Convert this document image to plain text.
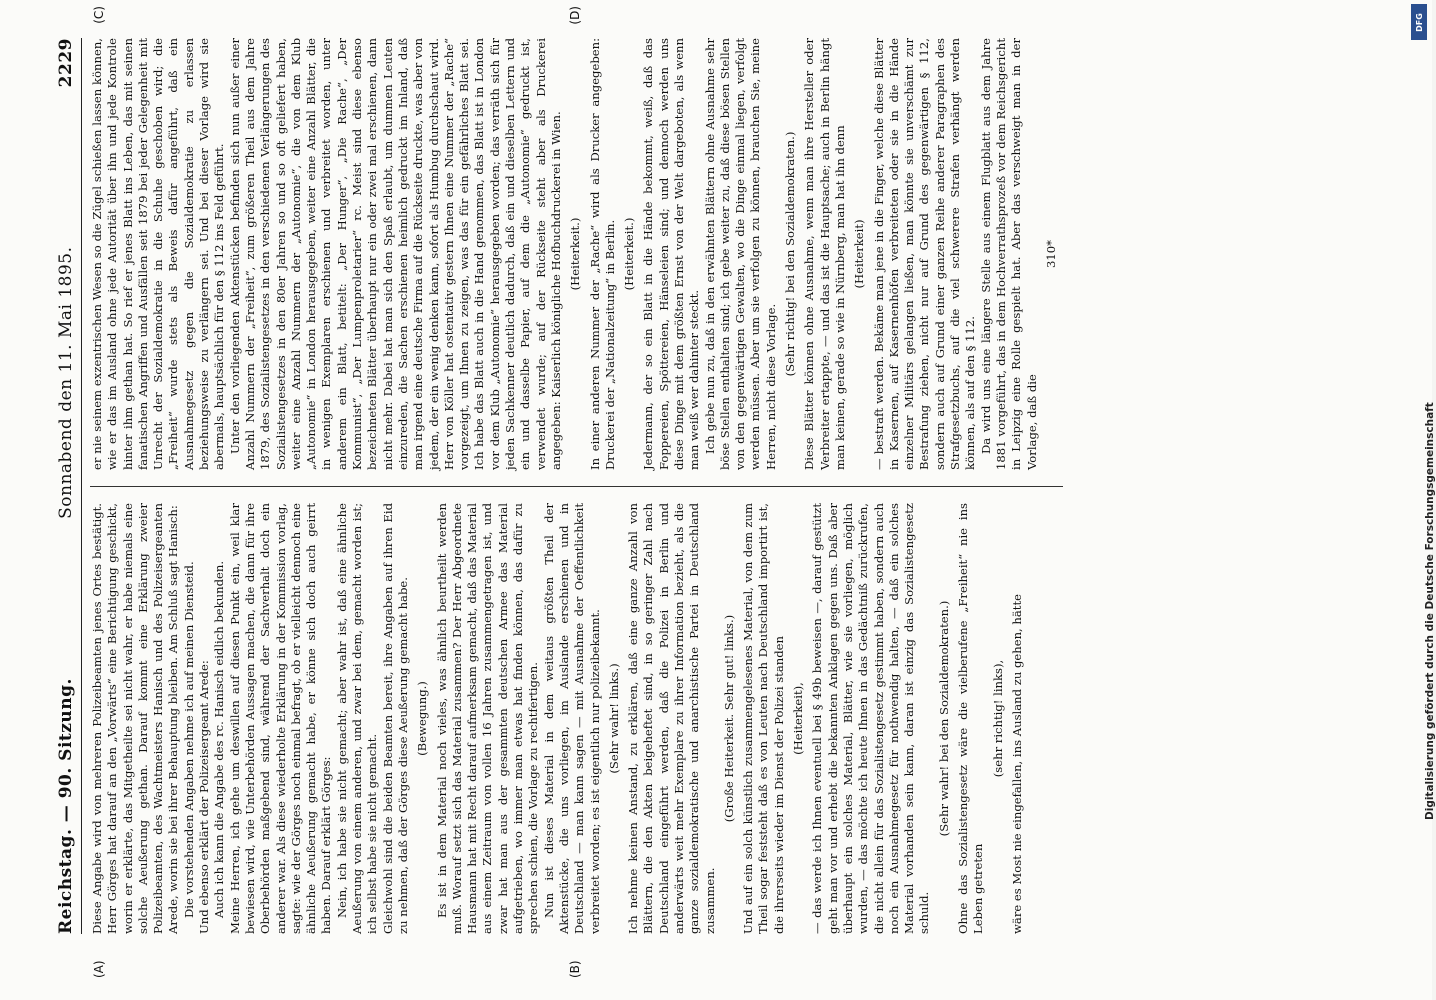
Reichstag. — 90. Sitzung.
Sonnabend den 11. Mai 1895.
2229
(A)	(B)
(C)	(D)

Diese Angabe wird von mehreren Polizeibeamten jenes Ortes bestätigt. Herr Görges hat darauf an den „Vorwärts“ eine Berichtigung geschickt, worin er erklärte, das Mitgetheilte sei nicht wahr, er habe niemals eine solche Aeußerung gethan. Darauf kommt eine Erklärung zweier Polizeibeamten, des Wachtmeisters Hanisch und des Polizeisergeanten Arede, worin sie bei ihrer Behauptung bleiben. Am Schluß sagt Hanisch: Die vorstehenden Angaben nehme ich auf meinen Diensteid. Und ebenso erklärt der Polizeisergeant Arede: Auch ich kann die Angabe des rc. Hanisch eidlich bekunden. Meine Herren, ich gehe um deswillen auf diesen Punkt ein, weil klar bewiesen wird, wie Unterbehörden Aussagen machen, die dann für ihre Oberbehörden maßgebend sind, während der Sachverhalt doch ein anderer war. Als diese wiederholte Erklärung in der Kommission vorlag, sagte: wie der Görges noch einmal befragt, ob er vielleicht dennoch eine ähnliche Aeußerung gemacht habe, er könne sich doch auch geirrt haben. Darauf erklärt Görges: Nein, ich habe sie nicht gemacht; aber wahr ist, daß eine ähnliche Aeußerung von einem anderen, und zwar bei dem, gemacht worden ist; ich selbst habe sie nicht gemacht. Gleichwohl sind die beiden Beamten bereit, ihre Angaben auf ihren Eid zu nehmen, daß der Görges diese Aeußerung gemacht habe. (Bewegung.) Es ist in dem Material noch vieles, was ähnlich beurtheilt werden muß. Worauf setzt sich das Material zusammen? Der Herr Abgeordnete Hausmann hat mit Recht darauf aufmerksam gemacht, daß das Material aus einem Zeitraum von vollen 16 Jahren zusammengetragen ist, und zwar hat man aus der gesammten deutschen Armee das Material aufgetrieben, wo immer man etwas hat finden können, das dafür zu sprechen schien, die Vorlage zu rechtfertigen. Nun ist dieses Material in dem weitaus größten Theil der Aktenstücke, die uns vorliegen, im Auslande erschienen und in Deutschland — man kann sagen — mit Ausnahme der Oeffentlichkeit verbreitet worden; es ist eigentlich nur polizeibekannt. (Sehr wahr! links.) Ich nehme keinen Anstand, zu erklären, daß eine ganze Anzahl von Blättern, die den Akten beigeheftet sind, in so geringer Zahl nach Deutschland eingeführt werden, daß die Polizei in Berlin und anderwärts weit mehr Exemplare zu ihrer Information bezieht, als die ganze sozialdemokratische und anarchistische Partei in Deutschland zusammen.

(Große Heiterkeit. Sehr gut! links.) Und auf ein solch künstlich zusammengelesenes Material, von dem zum Theil sogar feststeht daß es von Leuten nach Deutschland importirt ist, die ihrerseits wieder im Dienst der Polizei standen (Heiterkeit), — das werde ich Ihnen eventuell bei § 49b beweisen —, darauf gestützt geht man vor und erhebt die bekannten Anklagen gegen uns. Daß aber überhaupt ein solches Material, Blätter, wie sie vorliegen, möglich wurden, — das möchte ich heute Ihnen in das Gedächtniß zurückrufen, die nicht allein für das Sozialistengesetz gestimmt haben, sondern auch noch ein Ausnahmegesetz für nothwendig halten, — daß ein solches Material vorhanden sein kann, daran ist einzig das Sozialistengesetz schuld.

(Sehr wahr! bei den Sozialdemokraten.) Ohne das Sozialistengesetz wäre die vielberufene „Freiheit“ nie ins Leben getreten

(sehr richtig! links), wäre es Most nie eingefallen, ins Ausland zu gehen, hätte

er nie seinem exzentrischen Wesen so die Zügel schießen lassen können, wie er das im Ausland ohne jede Autorität über ihn und jede Kontrole hinter ihm gethan hat. So rief er jenes Blatt ins Leben, das mit seinen fanatischen Angriffen und Ausfällen seit 1879 bei jeder Gelegenheit mit Unrecht der Sozialdemokratie in die Schuhe geschoben wird; die „Freiheit“ wurde stets als Beweis dafür angeführt, daß ein Ausnahmegesetz gegen die Sozialdemokratie zu erlassen beziehungsweise zu verlängern sei. Und bei dieser Vorlage wird sie abermals, hauptsächlich für den § 112 ins Feld geführt. Unter den vorliegenden Aktenstücken befinden sich nun außer einer Anzahl Nummern der „Freiheit“, zum größeren Theil aus dem Jahre 1879, des Sozialistengesetzes in den verschiedenen Verlängerungen des Sozialistengesetzes in den 80er Jahren so und so oft geliefert haben, weiter eine Anzahl Nummern der „Autonomie“, die von dem Klub „Autonomie“ in London herausgegeben, weiter eine Anzahl Blätter, die in wenigen Exemplaren erschienen und verbreitet worden, unter anderem ein Blatt, betitelt: „Der Hunger“, „Die Rache“, „Der Kommunist“, „Der Lumpenproletarier“ rc. Meist sind diese ebenso bezeichneten Blätter überhaupt nur ein oder zwei mal erschienen, dann nicht mehr. Dabei hat man sich den Spaß erlaubt, um dummen Leuten einzureden, die Sachen erschienen heimlich gedruckt im Inland, daß man irgend eine deutsche Firma auf die Rückseite druckte, was aber von jedem, der ein wenig denken kann, sofort als Humbug durchschaut wird. Herr von Köller hat ostentativ gestern Ihnen eine Nummer der „Rache“ vorgezeigt, um Ihnen zu zeigen, was das für ein gefährliches Blatt sei. Ich habe das Blatt auch in die Hand genommen, das Blatt ist in London vor dem Klub „Autonomie“ herausgegeben worden; das verräth sich für jeden Sachkenner deutlich dadurch, daß ein und dieselben Lettern und ein und dasselbe Papier, auf dem die „Autonomie“ gedruckt ist, verwendet wurde; auf der Rückseite steht aber als Druckerei angegeben: Kaiserlich königliche Hofbuchdruckerei in Wien. (Heiterkeit.) In einer anderen Nummer der „Rache“ wird als Drucker angegeben: Druckerei der „Nationalzeitung“ in Berlin. (Heiterkeit.) Jedermann, der so ein Blatt in die Hände bekommt, weiß, daß das Foppereien, Spöttereien, Hänseleien sind; und dennoch werden uns diese Dinge mit dem größten Ernst von der Welt dargeboten, als wenn man weiß wer dahinter steckt. Ich gebe nun zu, daß in den erwähnten Blättern ohne Ausnahme sehr böse Stellen enthalten sind; ich gebe weiter zu, daß diese bösen Stellen von den gegenwärtigen Gewalten, wo die Dinge einmal liegen, verfolgt werden müssen. Aber um sie verfolgen zu können, brauchen Sie, meine Herren, nicht diese Vorlage.

(Sehr richtig! bei den Sozialdemokraten.) Diese Blätter können ohne Ausnahme, wenn man ihre Hersteller oder Verbreiter ertappte, — und das ist die Hauptsache; auch in Berlin hängt man keinen, gerade so wie in Nürnberg, man hat ihn denn (Heiterkeit) — bestraft werden. Bekäme man jene in die Finger, welche diese Blätter in Kasernen, auf Kasernenhöfen verbreiteten oder sie in die Hände einzelner Militärs gelangen ließen, man könnte sie unverschämt zur Bestrafung ziehen, nicht nur auf Grund des gegenwärtigen § 112, sondern auch auf Grund einer ganzen Reihe anderer Paragraphen des Strafgesetzbuchs, auf die viel schwerere Strafen verhängt werden können, als auf den § 112. Da wird uns eine längere Stelle aus einem Flugblatt aus dem Jahre 1881 vorgeführt, das in dem Hochverrathsprozeß vor dem Reichsgericht in Leipzig eine Rolle gespielt hat. Aber das verschweigt man in der Vorlage, daß die

310*

DFG
Digitalisierung gefördert durch die Deutsche Forschungsgemeinschaft
